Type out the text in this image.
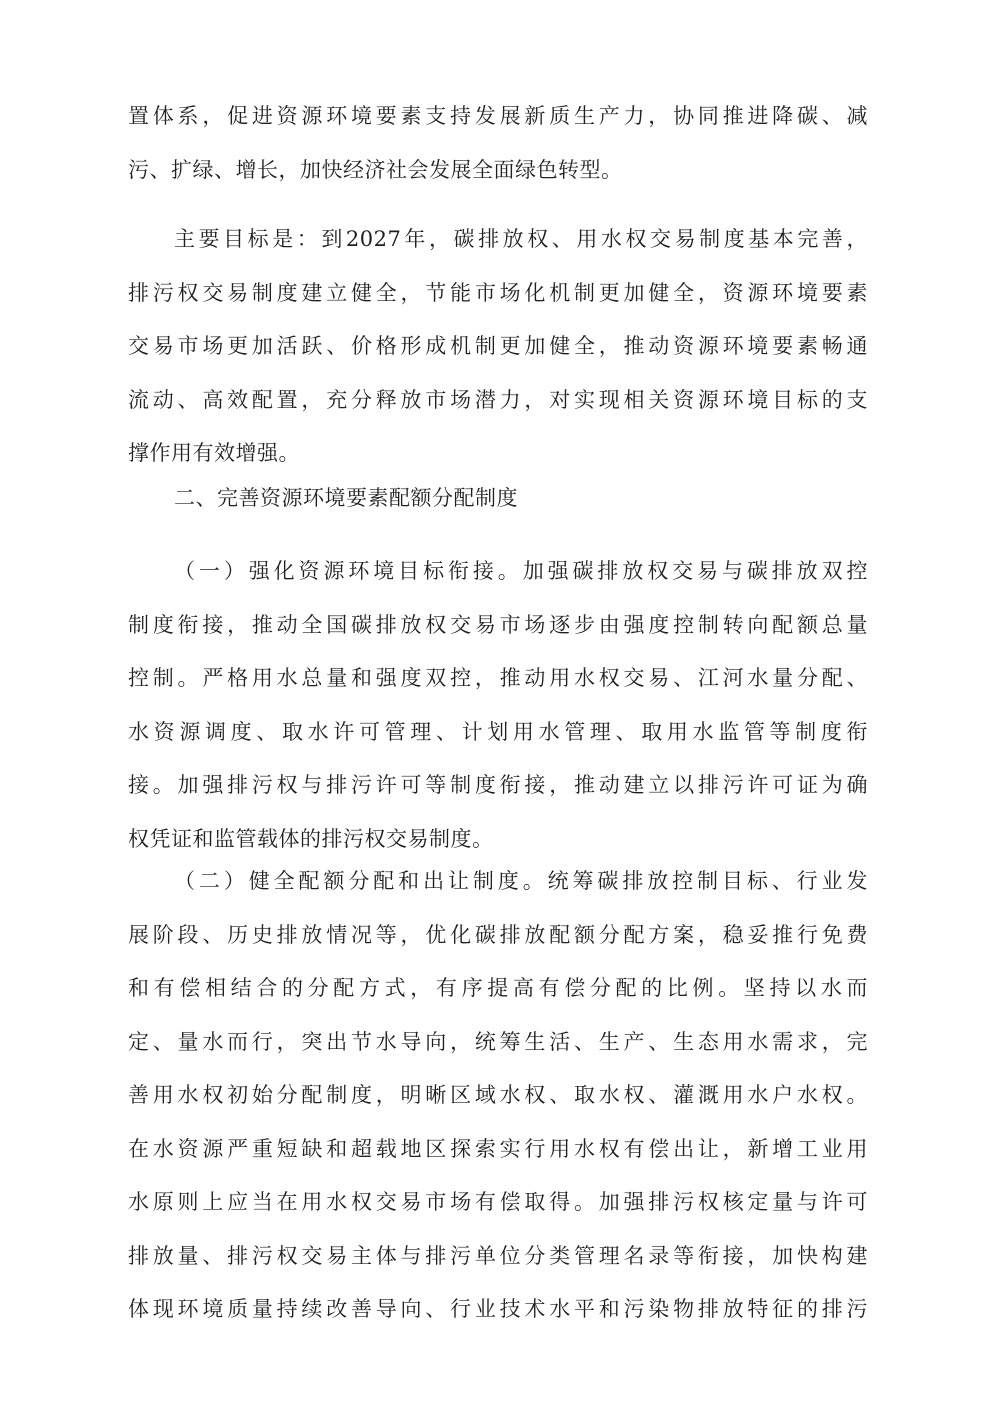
置体系，促进资源环境要素支持发展新质生产力，协同推进降碳、减
污、扩绿、增长，加快经济社会发展全面绿色转型。
主要目标是：到2027年，碳排放权、用水权交易制度基本完善，
排污权交易制度建立健全，节能市场化机制更加健全，资源环境要素
交易市场更加活跃、价格形成机制更加健全，推动资源环境要素畅通
流动、高效配置，充分释放市场潜力，对实现相关资源环境目标的支
撑作用有效增强。
二、完善资源环境要素配额分配制度
（一）强化资源环境目标衔接。加强碳排放权交易与碳排放双控
制度衔接，推动全国碳排放权交易市场逐步由强度控制转向配额总量
控制。严格用水总量和强度双控，推动用水权交易、江河水量分配、
水资源调度、取水许可管理、计划用水管理、取用水监管等制度衔
接。加强排污权与排污许可等制度衔接，推动建立以排污许可证为确
权凭证和监管载体的排污权交易制度。
（二）健全配额分配和出让制度。统筹碳排放控制目标、行业发
展阶段、历史排放情况等，优化碳排放配额分配方案，稳妥推行免费
和有偿相结合的分配方式，有序提高有偿分配的比例。坚持以水而
定、量水而行，突出节水导向，统筹生活、生产、生态用水需求，完
善用水权初始分配制度，明晰区域水权、取水权、灌溉用水户水权。
在水资源严重短缺和超载地区探索实行用水权有偿出让，新增工业用
水原则上应当在用水权交易市场有偿取得。加强排污权核定量与许可
排放量、排污权交易主体与排污单位分类管理名录等衔接，加快构建
体现环境质量持续改善导向、行业技术水平和污染物排放特征的排污
